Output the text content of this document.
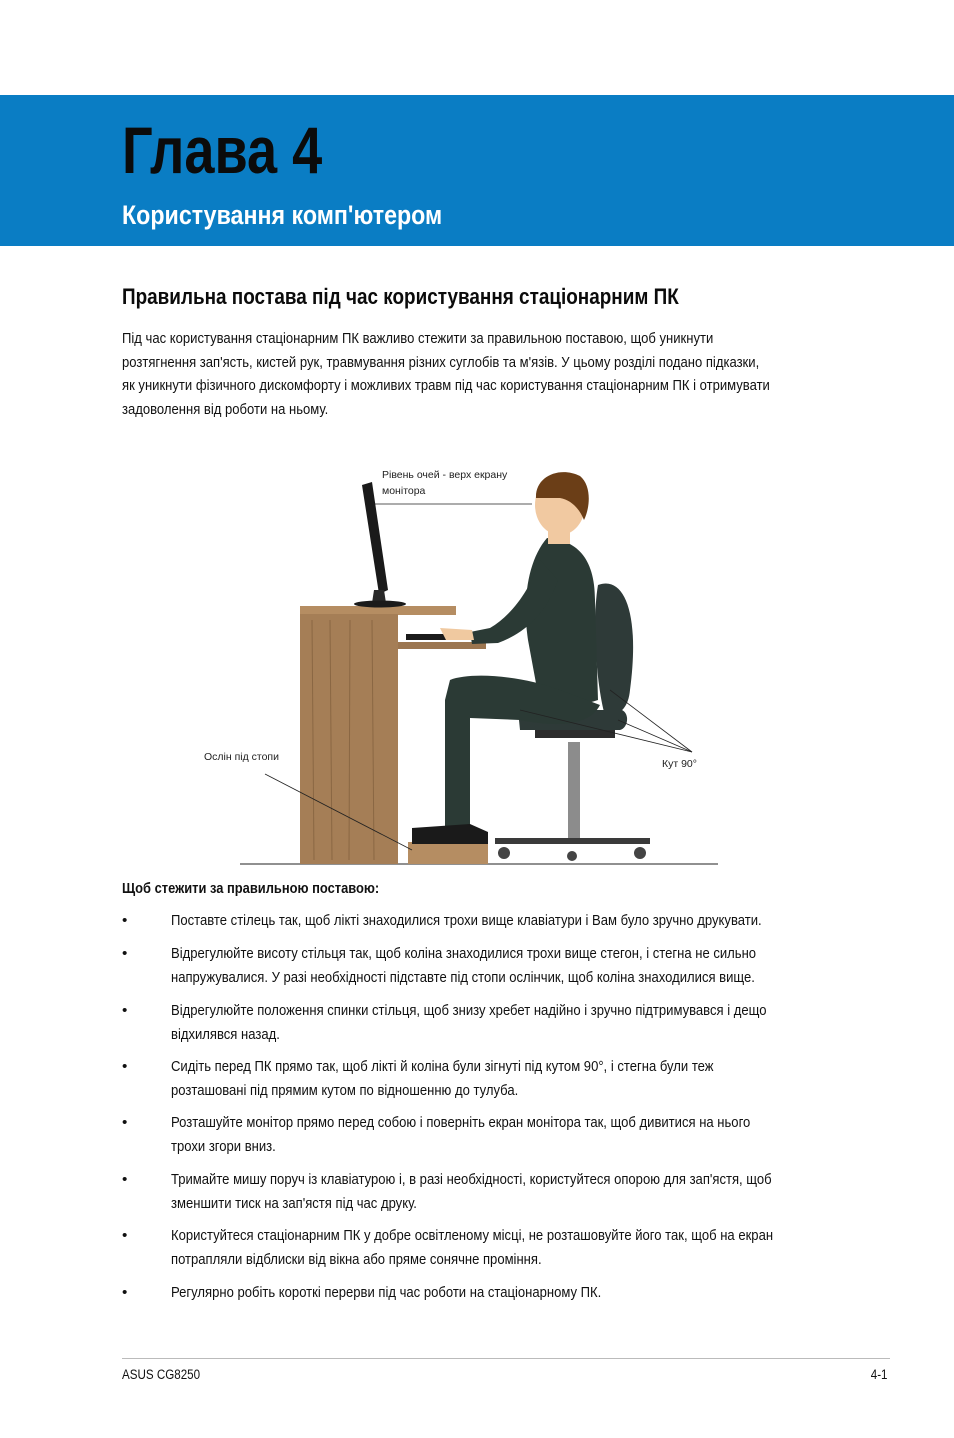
Глава 4
Користування комп'ютером
Правильна постава під час користування стаціонарним ПК
Під час користування стаціонарним ПК важливо стежити за правильною поставою, щоб уникнути
розтягнення зап'ясть, кистей рук, травмування різних суглобів та м'язів. У цьому розділі подано підказки,
як уникнути фізичного дискомфорту і можливих травм під час користування стаціонарним ПК і отримувати
задоволення від роботи на ньому.
Рівень очей - верх екрану
монітора
Ослін під стопи
Кут 90°
Щоб стежити за правильною поставою:
•	Поставте стілець так, щоб лікті знаходилися трохи вище клавіатури і Вам було зручно друкувати.
•	Відрегулюйте висоту стільця так, щоб коліна знаходилися трохи вище стегон, і стегна не сильно
напружувалися. У разі необхідності підставте під стопи ослінчик, щоб коліна знаходилися вище.
•	Відрегулюйте положення спинки стільця, щоб знизу хребет надійно і зручно підтримувався і дещо
відхилявся назад.
•	Сидіть перед ПК прямо так, щоб лікті й коліна були зігнуті під кутом 90°, і стегна були теж
розташовані під прямим кутом по відношенню до тулуба.
•	Розташуйте монітор прямо перед собою і поверніть екран монітора так, щоб дивитися на нього
трохи згори вниз.
•	Тримайте мишу поруч із клавіатурою і, в разі необхідності, користуйтеся опорою для зап'ястя, щоб
зменшити тиск на зап'ястя під час друку.
•	Користуйтеся стаціонарним ПК у добре освітленому місці, не розташовуйте його так, щоб на екран
потрапляли відблиски від вікна або пряме сонячне проміння.
•	Регулярно робіть короткі перерви під час роботи на стаціонарному ПК.
ASUS CG8250	4-1
